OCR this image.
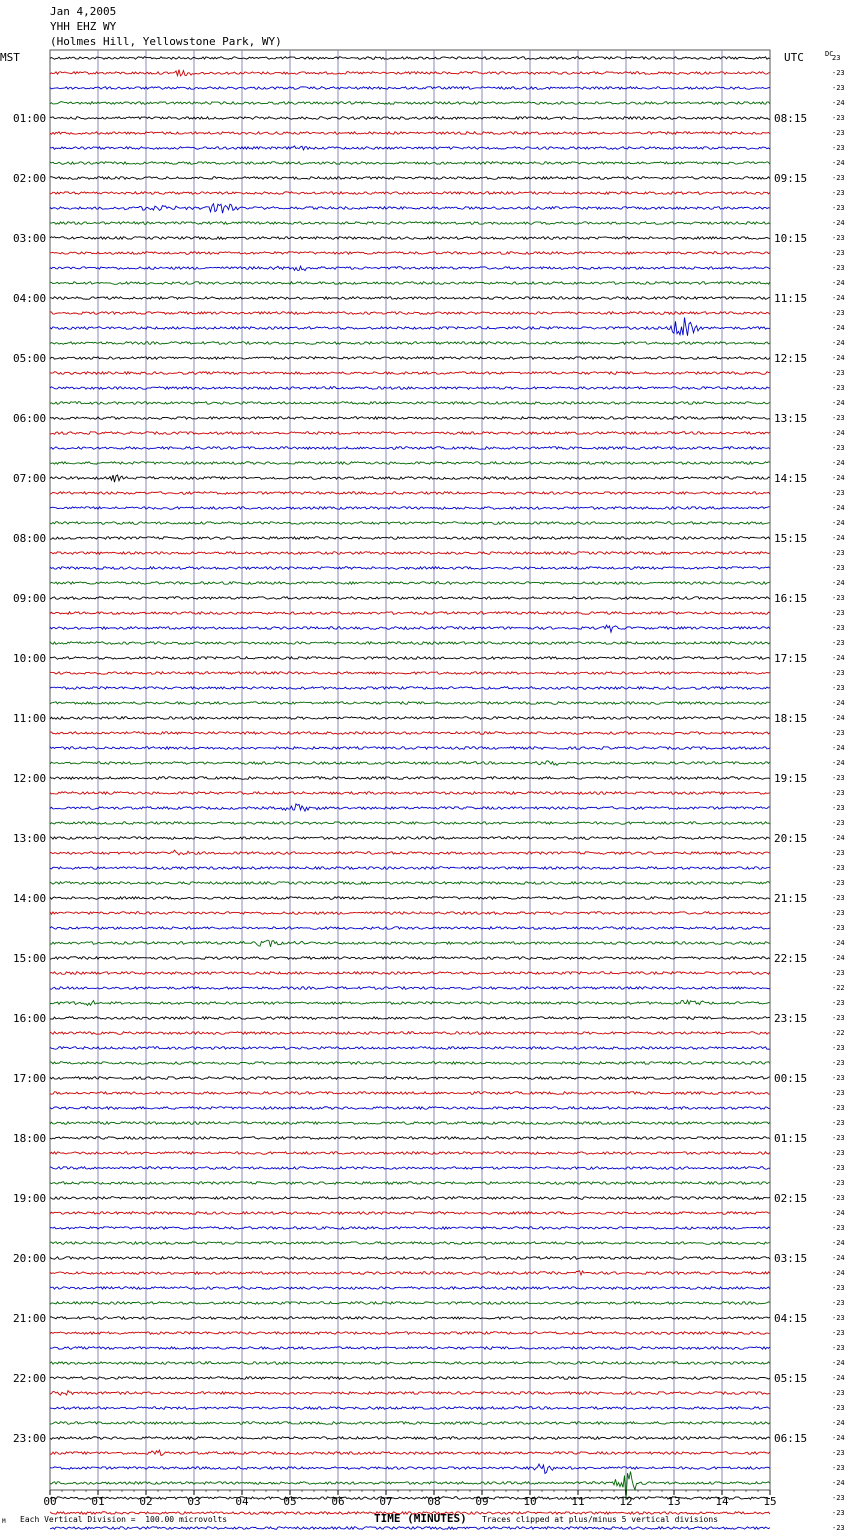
Jan 4,2005
YHH EHZ WY
(Holmes Hill, Yellowstone Park, WY)
MST	UTC
01:00
02:00
03:00
04:00
05:00
06:00
07:00
08:00
09:00
10:00
11:00
12:00
13:00
14:00
15:00
16:00
17:00
18:00
19:00
20:00
21:00
22:00
23:00
08:15
09:15
10:15
11:15
12:15
13:15
14:15
15:15
16:15
17:15
18:15
19:15
20:15
21:15
22:15
23:15
00:15
01:15
02:15
03:15
04:15
05:15
06:15
DC
23
-23
-23
-24
-23
-23
-23
-24
-23
-23
-23
-24
-23
-23
-23
-24
-24
-23
-24
-24
-24
-23
-23
-24
-23
-24
-23
-24
-24
-23
-24
-24
-24
-23
-23
-24
-23
-23
-23
-23
-24
-23
-23
-24
-24
-23
-24
-24
-23
-23
-23
-23
-24
-23
-23
-23
-23
-23
-23
-24
-24
-23
-22
-23
-23
-22
-23
-23
-23
-23
-23
-23
-23
-23
-23
-23
-23
-24
-23
-24
-24
-24
-23
-23
-23
-23
-23
-24
-24
-23
-23
-24
-24
-23
-23
-24
-23
-23
-23
00	01	02	03	04	05	06	07	08	09	10	11	12	13	14	15
M Each Vertical Division =  100.00 microvolts	TIME (MINUTES) Traces clipped at plus/minus 5 vertical divisions
